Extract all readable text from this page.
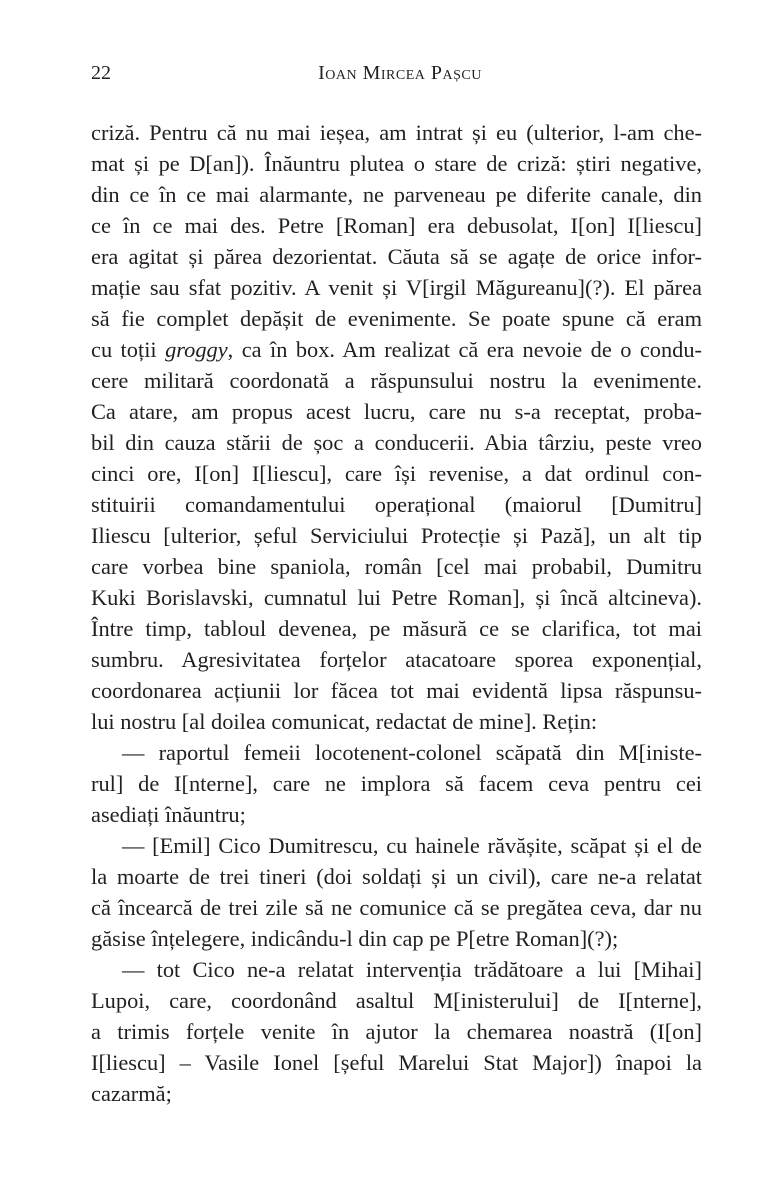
22	Ioan Mircea Pașcu
criză. Pentru că nu mai ieșea, am intrat și eu (ulterior, l-am che-
mat și pe D[an]). Înăuntru plutea o stare de criză: știri negative,
din ce în ce mai alarmante, ne parveneau pe diferite canale, din
ce în ce mai des. Petre [Roman] era debusolat, I[on] I[liescu]
era agitat și părea dezorientat. Căuta să se agațe de orice infor-
mație sau sfat pozitiv. A venit și V[irgil Măgureanu](?). El părea
să fie complet depășit de evenimente. Se poate spune că eram
cu toții groggy, ca în box. Am realizat că era nevoie de o condu-
cere militară coordonată a răspunsului nostru la evenimente.
Ca atare, am propus acest lucru, care nu s-a receptat, proba-
bil din cauza stării de șoc a conducerii. Abia târziu, peste vreo
cinci ore, I[on] I[liescu], care își revenise, a dat ordinul con-
stituirii comandamentului operațional (maiorul [Dumitru]
Iliescu [ulterior, șeful Serviciului Protecție și Pază], un alt tip
care vorbea bine spaniola, român [cel mai probabil, Dumitru
Kuki Borislavski, cumnatul lui Petre Roman], și încă altcineva).
Între timp, tabloul devenea, pe măsură ce se clarifica, tot mai
sumbru. Agresivitatea forțelor atacatoare sporea exponențial,
coordonarea acțiunii lor făcea tot mai evidentă lipsa răspunsu-
lui nostru [al doilea comunicat, redactat de mine]. Rețin:
— raportul femeii locotenent-colonel scăpată din M[iniste-
rul] de I[nterne], care ne implora să facem ceva pentru cei
asediați înăuntru;
— [Emil] Cico Dumitrescu, cu hainele răvășite, scăpat și el de
la moarte de trei tineri (doi soldați și un civil), care ne-a relatat
că încearcă de trei zile să ne comunice că se pregătea ceva, dar nu
găsise înțelegere, indicându-l din cap pe P[etre Roman](?);
— tot Cico ne-a relatat intervenția trădătoare a lui [Mihai]
Lupoi, care, coordonând asaltul M[inisterului] de I[nterne],
a trimis forțele venite în ajutor la chemarea noastră (I[on]
I[liescu] – Vasile Ionel [șeful Marelui Stat Major]) înapoi la
cazarmă;
